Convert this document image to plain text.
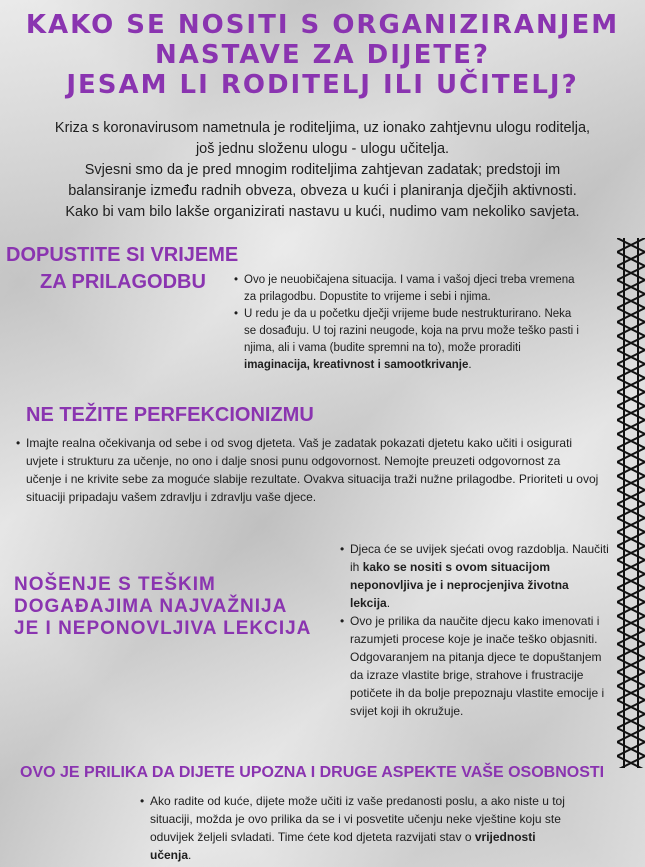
KAKO SE NOSITI S ORGANIZIRANJEM
NASTAVE ZA DIJETE?
JESAM LI RODITELJ ILI UČITELJ?
Kriza s koronavirusom nametnula je roditeljima, uz ionako zahtjevnu ulogu roditelja,
još jednu složenu ulogu - ulogu učitelja.
Svjesni smo da je pred mnogim roditeljima zahtjevan zadatak; predstoji im
balansiranje između radnih obveza, obveza u kući i planiranja dječjih aktivnosti.
Kako bi vam bilo lakše organizirati nastavu u kući, nudimo vam nekoliko savjeta.
DOPUSTITE SI VRIJEME
ZA PRILAGODBU
•	Ovo je neuobičajena situacija. I vama i vašoj djeci treba vremena za prilagodbu. Dopustite to vrijeme i sebi i njima.
• U redu je da u početku dječji vrijeme bude nestrukturirano. Neka se dosađuju. U toj razini neugode, koja na prvu može teško pasti i njima, ali i vama (budite spremni na to), može proraditi imaginacija, kreativnost i samootkrivanje.
NE TEŽITE PERFEKCIONIZMU
• Imajte realna očekivanja od sebe i od svog djeteta. Vaš je zadatak pokazati djetetu kako učiti i osigurati uvjete i strukturu za učenje, no ono i dalje snosi punu odgovornost. Nemojte preuzeti odgovornost za učenje i ne krivite sebe za moguće slabije rezultate. Ovakva situacija traži nužne prilagodbe. Prioriteti u ovoj situaciji pripadaju vašem zdravlju i zdravlju vaše djece.
NOŠENJE S TEŠKIM
DOGAĐAJIMA NAJVAŽNIJA
JE I NEPONOVLJIVA LEKCIJA
• Djeca će se uvijek sjećati ovog razdoblja. Naučiti ih kako se nositi s ovom situacijom neponovljiva je i neprocjenjiva životna lekcija.
• Ovo je prilika da naučite djecu kako imenovati i razumjeti procese koje je inače teško objasniti. Odgovaranjem na pitanja djece te dopuštanjem da izraze vlastite brige, strahove i frustracije potičete ih da bolje prepoznaju vlastite emocije i svijet koji ih okružuje.
OVO JE PRILIKA DA DIJETE UPOZNA I DRUGE ASPEKTE VAŠE OSOBNOSTI
• Ako radite od kuće, dijete može učiti iz vaše predanosti poslu, a ako niste u toj situaciji, možda je ovo prilika da se i vi posvetite učenju neke vještine koju ste oduvijek željeli svladati. Time ćete kod djeteta razvijati stav o vrijednosti učenja.
